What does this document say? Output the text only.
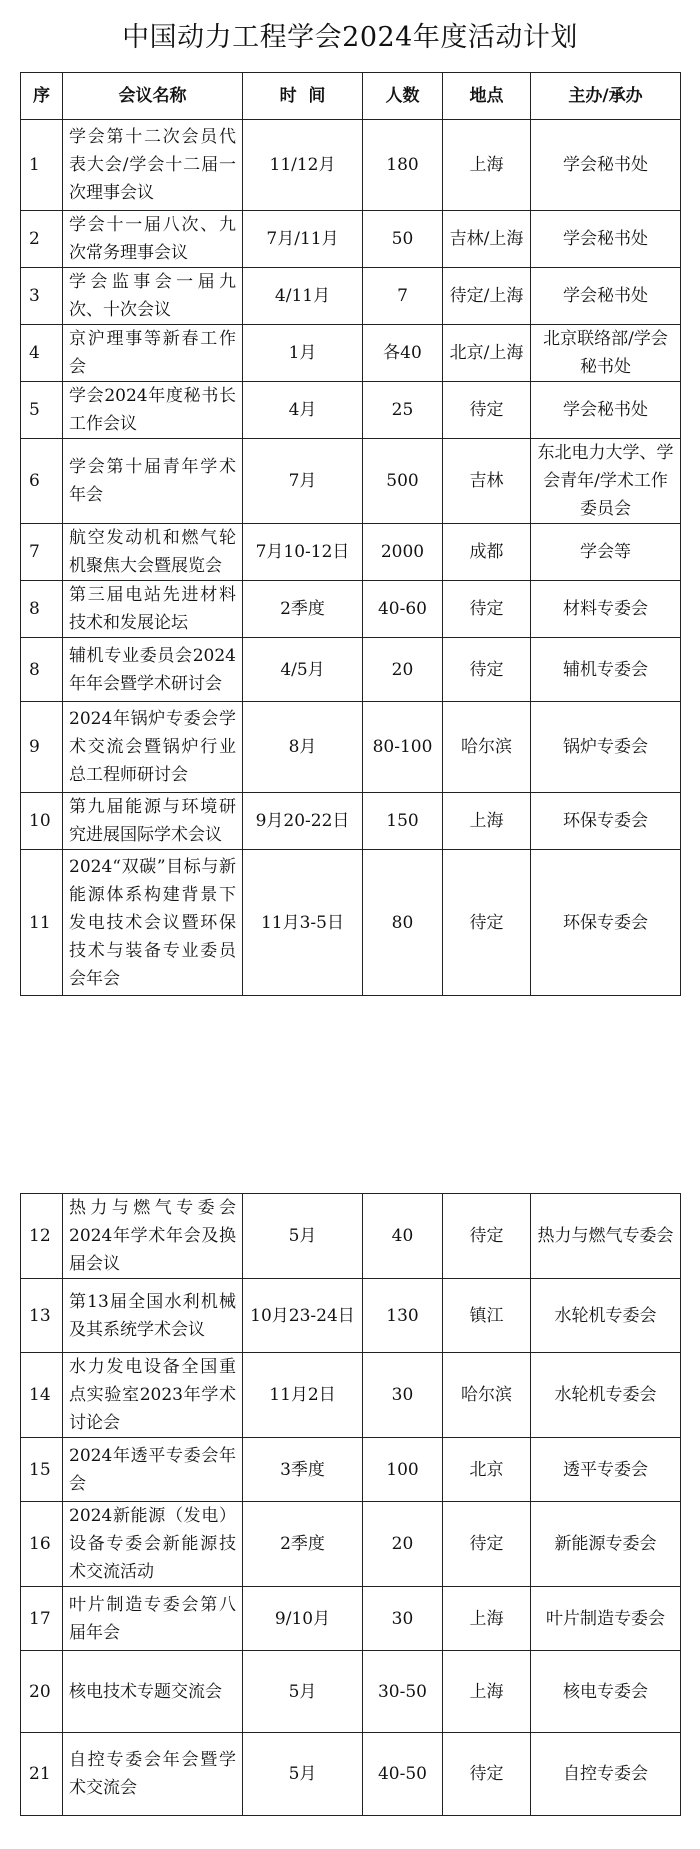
中国动力工程学会2024年度活动计划
序	会议名称	时  间	人数	地点	主办/承办
1	学会第十二次会员代表大会/学会十二届一次理事会议	11/12月	180	上海	学会秘书处
2	学会十一届八次、九次常务理事会议	7月/11月	50	吉林/上海	学会秘书处
3	学会监事会一届九次、十次会议	4/11月	7	待定/上海	学会秘书处
4	京沪理事等新春工作会	1月	各40	北京/上海	北京联络部/学会秘书处
5	学会2024年度秘书长工作会议	4月	25	待定	学会秘书处
6	学会第十届青年学术年会	7月	500	吉林	东北电力大学、学会青年/学术工作委员会
7	航空发动机和燃气轮机聚焦大会暨展览会	7月10-12日	2000	成都	学会等
8	第三届电站先进材料技术和发展论坛	2季度	40-60	待定	材料专委会
8	辅机专业委员会2024年年会暨学术研讨会	4/5月	20	待定	辅机专委会
9	2024年锅炉专委会学术交流会暨锅炉行业总工程师研讨会	8月	80-100	哈尔滨	锅炉专委会
10	第九届能源与环境研究进展国际学术会议	9月20-22日	150	上海	环保专委会
11	2024“双碳”目标与新能源体系构建背景下发电技术会议暨环保技术与装备专业委员会年会	11月3-5日	80	待定	环保专委会
12	热力与燃气专委会2024年学术年会及换届会议	5月	40	待定	热力与燃气专委会
13	第13届全国水利机械及其系统学术会议	10月23-24日	130	镇江	水轮机专委会
14	水力发电设备全国重点实验室2023年学术讨论会	11月2日	30	哈尔滨	水轮机专委会
15	2024年透平专委会年会	3季度	100	北京	透平专委会
16	2024新能源（发电）设备专委会新能源技术交流活动	2季度	20	待定	新能源专委会
17	叶片制造专委会第八届年会	9/10月	30	上海	叶片制造专委会
20	核电技术专题交流会	5月	30-50	上海	核电专委会
21	自控专委会年会暨学术交流会	5月	40-50	待定	自控专委会
